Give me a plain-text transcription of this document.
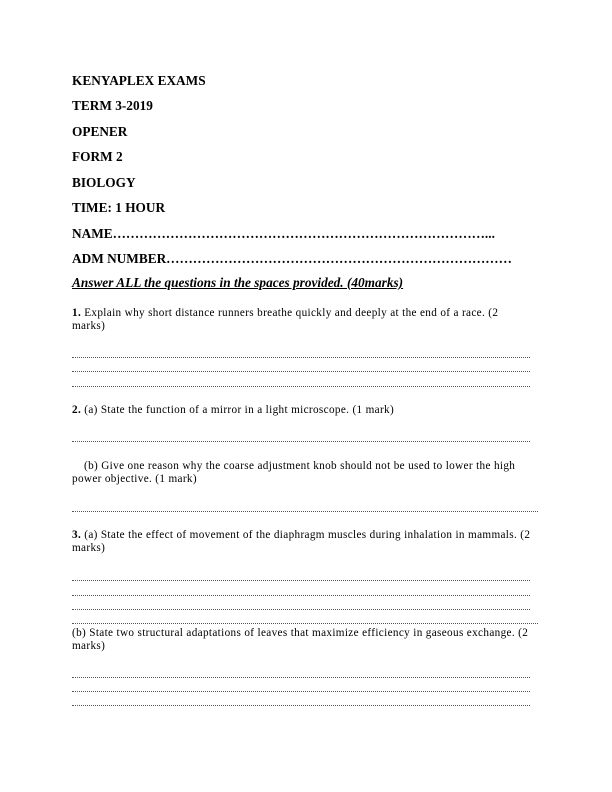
KENYAPLEX EXAMS
TERM 3-2019
OPENER
FORM 2
BIOLOGY
TIME: 1 HOUR
NAME…………………………………………………………………………...
ADM NUMBER……………………………………………………………………
Answer ALL the questions in the spaces provided. (40marks)
1. Explain why short distance runners breathe quickly and deeply at the end of a race. (2 marks)
2. (a) State the function of a mirror in a light microscope. (1 mark)
(b) Give one reason why the coarse adjustment knob should not be used to lower the high power objective. (1 mark)
3. (a) State the effect of movement of the diaphragm muscles during inhalation in mammals. (2 marks)
(b) State two structural adaptations of leaves that maximize efficiency in gaseous exchange. (2 marks)
